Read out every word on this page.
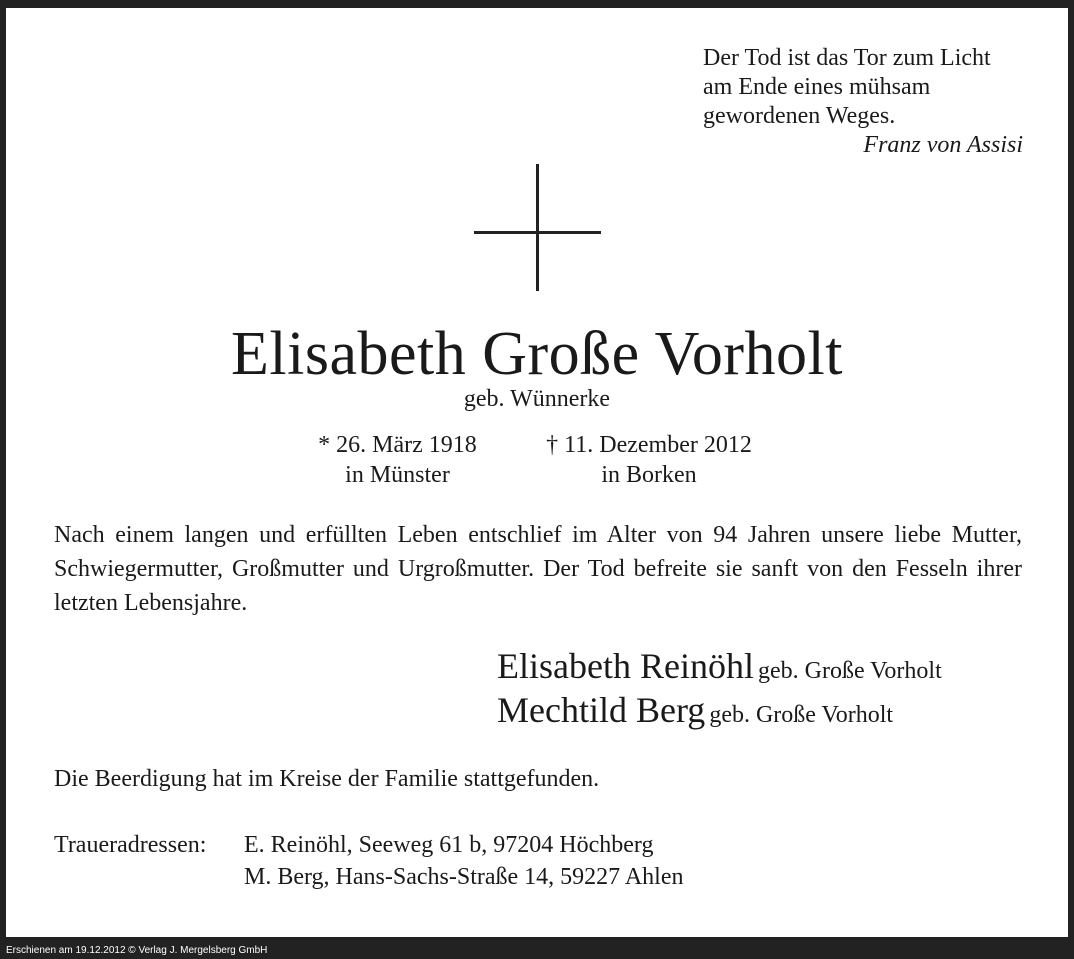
Erschienen am 19.12.2012 © Verlag J. Mergelsberg GmbH
Der Tod ist das Tor zum Licht
am Ende eines mühsam
gewordenen Weges.
Franz von Assisi
Elisabeth Große Vorholt
geb. Wünnerke
* 26. März 1918
in Münster
† 11. Dezember 2012
in Borken
Nach einem langen und erfüllten Leben entschlief im Alter von 94 Jahren unsere liebe Mutter, Schwiegermutter, Großmutter und Urgroßmutter. Der Tod befreite sie sanft von den Fesseln ihrer letzten Lebensjahre.
Elisabeth Reinöhl geb. Große Vorholt
Mechtild Berg geb. Große Vorholt
Die Beerdigung hat im Kreise der Familie stattgefunden.
Traueradressen: E. Reinöhl, Seeweg 61 b, 97204 Höchberg
M. Berg, Hans-Sachs-Straße 14, 59227 Ahlen
